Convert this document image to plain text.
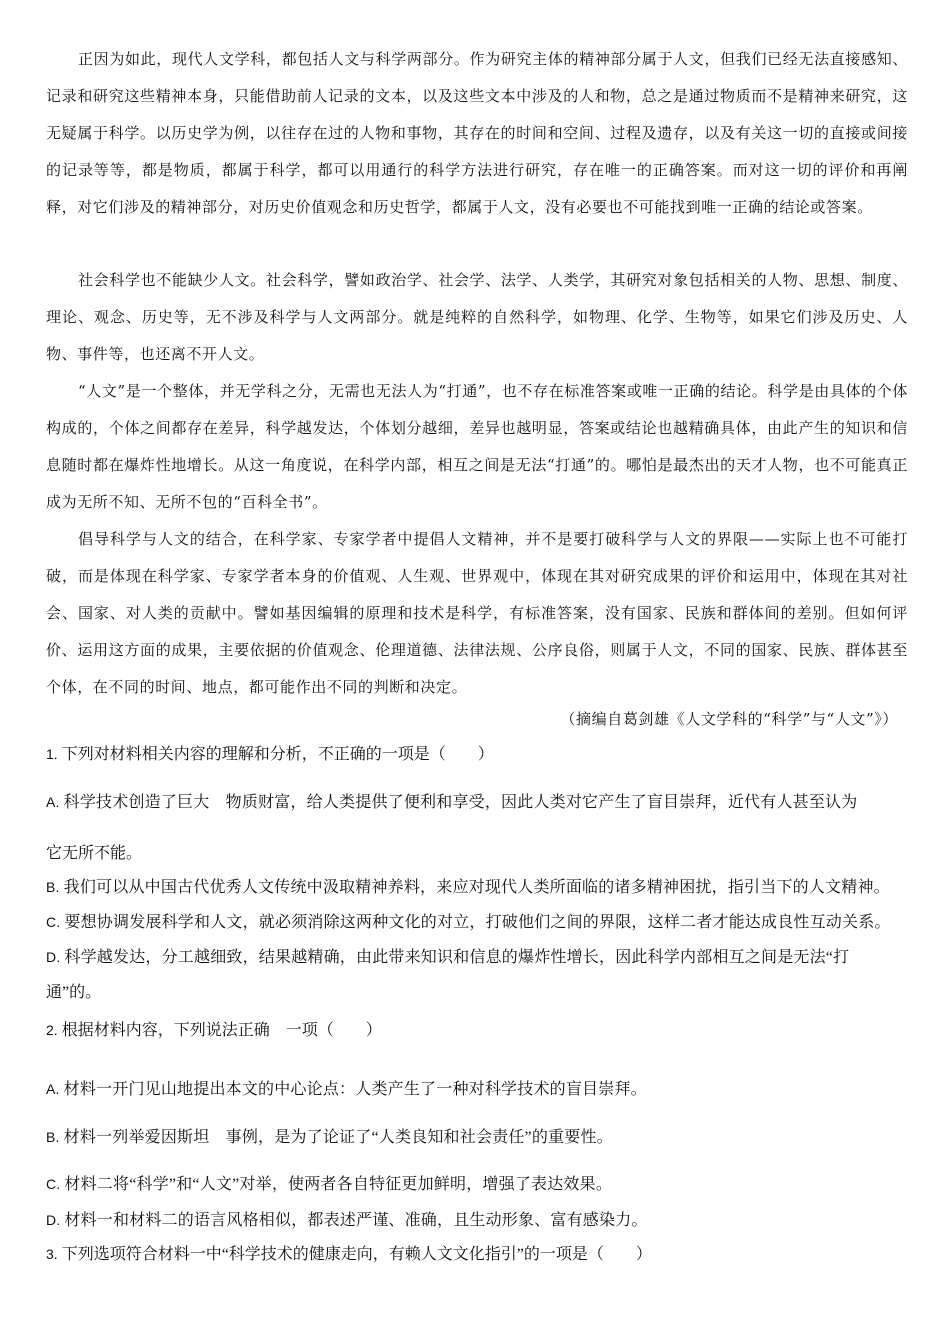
正因为如此，现代人文学科，都包括人文与科学两部分。作为研究主体的精神部分属于人文，但我们已经无法直接感知、记录和研究这些精神本身，只能借助前人记录的文本，以及这些文本中涉及的人和物，总之是通过物质而不是精神来研究，这无疑属于科学。以历史学为例，以往存在过的人物和事物，其存在的时间和空间、过程及遗存，以及有关这一切的直接或间接的记录等等，都是物质，都属于科学，都可以用通行的科学方法进行研究，存在唯一的正确答案。而对这一切的评价和再阐释，对它们涉及的精神部分，对历史价值观念和历史哲学，都属于人文，没有必要也不可能找到唯一正确的结论或答案。

社会科学也不能缺少人文。社会科学，譬如政治学、社会学、法学、人类学，其研究对象包括相关的人物、思想、制度、理论、观念、历史等，无不涉及科学与人文两部分。就是纯粹的自然科学，如物理、化学、生物等，如果它们涉及历史、人物、事件等，也还离不开人文。

“人文”是一个整体，并无学科之分，无需也无法人为“打通”，也不存在标准答案或唯一正确的结论。科学是由具体的个体构成的，个体之间都存在差异，科学越发达，个体划分越细，差异也越明显，答案或结论也越精确具体，由此产生的知识和信息随时都在爆炸性地增长。从这一角度说，在科学内部，相互之间是无法“打通”的。哪怕是最杰出的天才人物，也不可能真正成为无所不知、无所不包的“百科全书”。

倡导科学与人文的结合，在科学家、专家学者中提倡人文精神，并不是要打破科学与人文的界限——实际上也不可能打破，而是体现在科学家、专家学者本身的价值观、人生观、世界观中，体现在其对研究成果的评价和运用中，体现在其对社会、国家、对人类的贡献中。譬如基因编辑的原理和技术是科学，有标准答案，没有国家、民族和群体间的差别。但如何评价、运用这方面的成果，主要依据的价值观念、伦理道德、法律法规、公序良俗，则属于人文，不同的国家、民族、群体甚至个体，在不同的时间、地点，都可能作出不同的判断和决定。

（摘编自葛剑雄《人文学科的“科学”与“人文”》）

1. 下列对材料相关内容的理解和分析，不正确的一项是（　　）

A. 科学技术创造了巨大　物质财富，给人类提供了便利和享受，因此人类对它产生了盲目崇拜，近代有人甚至认为

它无所不能。

B. 我们可以从中国古代优秀人文传统中汲取精神养料，来应对现代人类所面临的诸多精神困扰，指引当下的人文精神。

C. 要想协调发展科学和人文，就必须消除这两种文化的对立，打破他们之间的界限，这样二者才能达成良性互动关系。

D. 科学越发达，分工越细致，结果越精确，由此带来知识和信息的爆炸性增长，因此科学内部相互之间是无法“打

通”的。

2. 根据材料内容，下列说法正确　一项（　　）

A. 材料一开门见山地提出本文的中心论点：人类产生了一种对科学技术的盲目崇拜。

B. 材料一列举爱因斯坦　事例，是为了论证了“人类良知和社会责任”的重要性。

C. 材料二将“科学”和“人文”对举，使两者各自特征更加鲜明，增强了表达效果。

D. 材料一和材料二的语言风格相似，都表述严谨、准确，且生动形象、富有感染力。

3. 下列选项符合材料一中“科学技术的健康走向，有赖人文文化指引”的一项是（　　）
